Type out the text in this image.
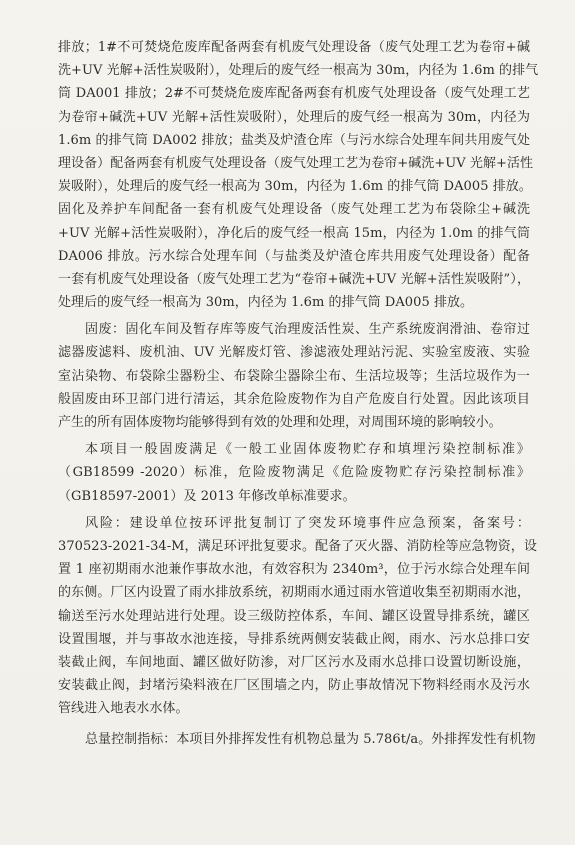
排放；1#不可焚烧危废库配备两套有机废气处理设备（废气处理工艺为卷帘+碱
洗+UV 光解+活性炭吸附），处理后的废气经一根高为 30m，内径为 1.6m 的排气
筒 DA001 排放；2#不可焚烧危废库配备两套有机废气处理设备（废气处理工艺
为卷帘+碱洗+UV 光解+活性炭吸附），处理后的废气经一根高为 30m，内径为
1.6m 的排气筒 DA002 排放；盐类及炉渣仓库（与污水综合处理车间共用废气处
理设备）配备两套有机废气处理设备（废气处理工艺为卷帘+碱洗+UV 光解+活性
炭吸附），处理后的废气经一根高为 30m，内径为 1.6m 的排气筒 DA005 排放。
固化及养护车间配备一套有机废气处理设备（废气处理工艺为布袋除尘+碱洗
+UV 光解+活性炭吸附），净化后的废气经一根高 15m，内径为 1.0m 的排气筒
DA006 排放。污水综合处理车间（与盐类及炉渣仓库共用废气处理设备）配备
一套有机废气处理设备（废气处理工艺为“卷帘+碱洗+UV 光解+活性炭吸附”），
处理后的废气经一根高为 30m，内径为 1.6m 的排气筒 DA005 排放。
固废：固化车间及暂存库等废气治理废活性炭、生产系统废润滑油、卷帘过
滤器废滤料、废机油、UV 光解废灯管、渗滤液处理站污泥、实验室废液、实验
室沾染物、布袋除尘器粉尘、布袋除尘器除尘布、生活垃圾等；生活垃圾作为一
般固废由环卫部门进行清运，其余危险废物作为自产危废自行处置。因此该项目
产生的所有固体废物均能够得到有效的处理和处理，对周围环境的影响较小。
本项目一般固废满足《一般工业固体废物贮存和填埋污染控制标准》
（GB18599 -2020）标准，危险废物满足《危险废物贮存污染控制标准》
（GB18597-2001）及 2013 年修改单标准要求。
风险：建设单位按环评批复制订了突发环境事件应急预案，备案号：
370523-2021-34-M，满足环评批复要求。配备了灭火器、消防栓等应急物资，设
置 1 座初期雨水池兼作事故水池，有效容积为 2340m³，位于污水综合处理车间
的东侧。厂区内设置了雨水排放系统，初期雨水通过雨水管道收集至初期雨水池，
输送至污水处理站进行处理。设三级防控体系，车间、罐区设置导排系统，罐区
设置围堰，并与事故水池连接，导排系统两侧安装截止阀，雨水、污水总排口安
装截止阀，车间地面、罐区做好防渗，对厂区污水及雨水总排口设置切断设施，
安装截止阀，封堵污染料液在厂区围墙之内，防止事故情况下物料经雨水及污水
管线进入地表水水体。
总量控制指标：本项目外排挥发性有机物总量为 5.786t/a。外排挥发性有机物
